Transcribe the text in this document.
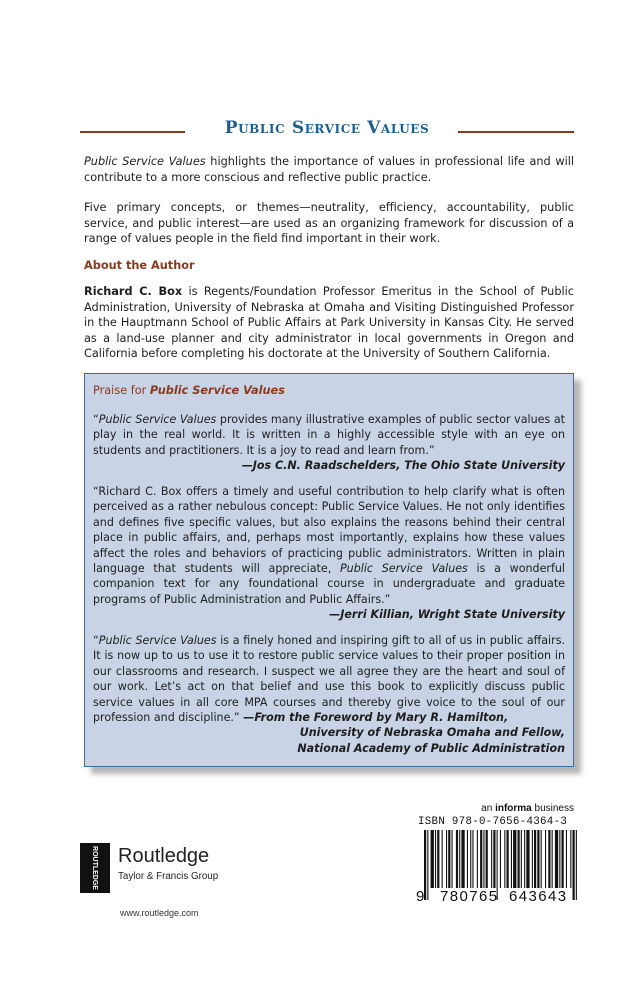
Public Service Values

Public Service Values highlights the importance of values in professional life and will contribute to a more conscious and reflective public practice.

Five primary concepts, or themes—neutrality, efficiency, accountability, public service, and public interest—are used as an organizing framework for discussion of a range of values people in the field find important in their work.

About the Author

Richard C. Box is Regents/Foundation Professor Emeritus in the School of Public Administration, University of Nebraska at Omaha and Visiting Distinguished Professor in the Hauptmann School of Public Affairs at Park University in Kansas City. He served as a land-use planner and city administrator in local governments in Oregon and California before completing his doctorate at the University of Southern California.

Praise for Public Service Values

“Public Service Values provides many illustrative examples of public sector values at play in the real world. It is written in a highly accessible style with an eye on students and practitioners. It is a joy to read and learn from.”

—Jos C.N. Raadschelders, The Ohio State University

“Richard C. Box offers a timely and useful contribution to help clarify what is often perceived as a rather nebulous concept: Public Service Values. He not only identifies and defines five specific values, but also explains the reasons behind their central place in public affairs, and, perhaps most importantly, explains how these values affect the roles and behaviors of practicing public administrators. Written in plain language that students will appreciate, Public Service Values is a wonderful companion text for any foundational course in undergraduate and graduate programs of Public Administration and Public Affairs.”

—Jerri Killian, Wright State University

“Public Service Values is a finely honed and inspiring gift to all of us in public affairs. It is now up to us to use it to restore public service values to their proper position in our classrooms and research. I suspect we all agree they are the heart and soul of our work. Let’s act on that belief and use this book to explicitly discuss public service values in all core MPA courses and thereby give voice to the soul of our profession and discipline.” —From the Foreword by Mary R. Hamilton,

University of Nebraska Omaha and Fellow,

National Academy of Public Administration

ROUTLEDGE Routledge
Taylor & Francis Group
www.routledge.com
an informa business
ISBN 978-0-7656-4364-3

9

780765

643643
